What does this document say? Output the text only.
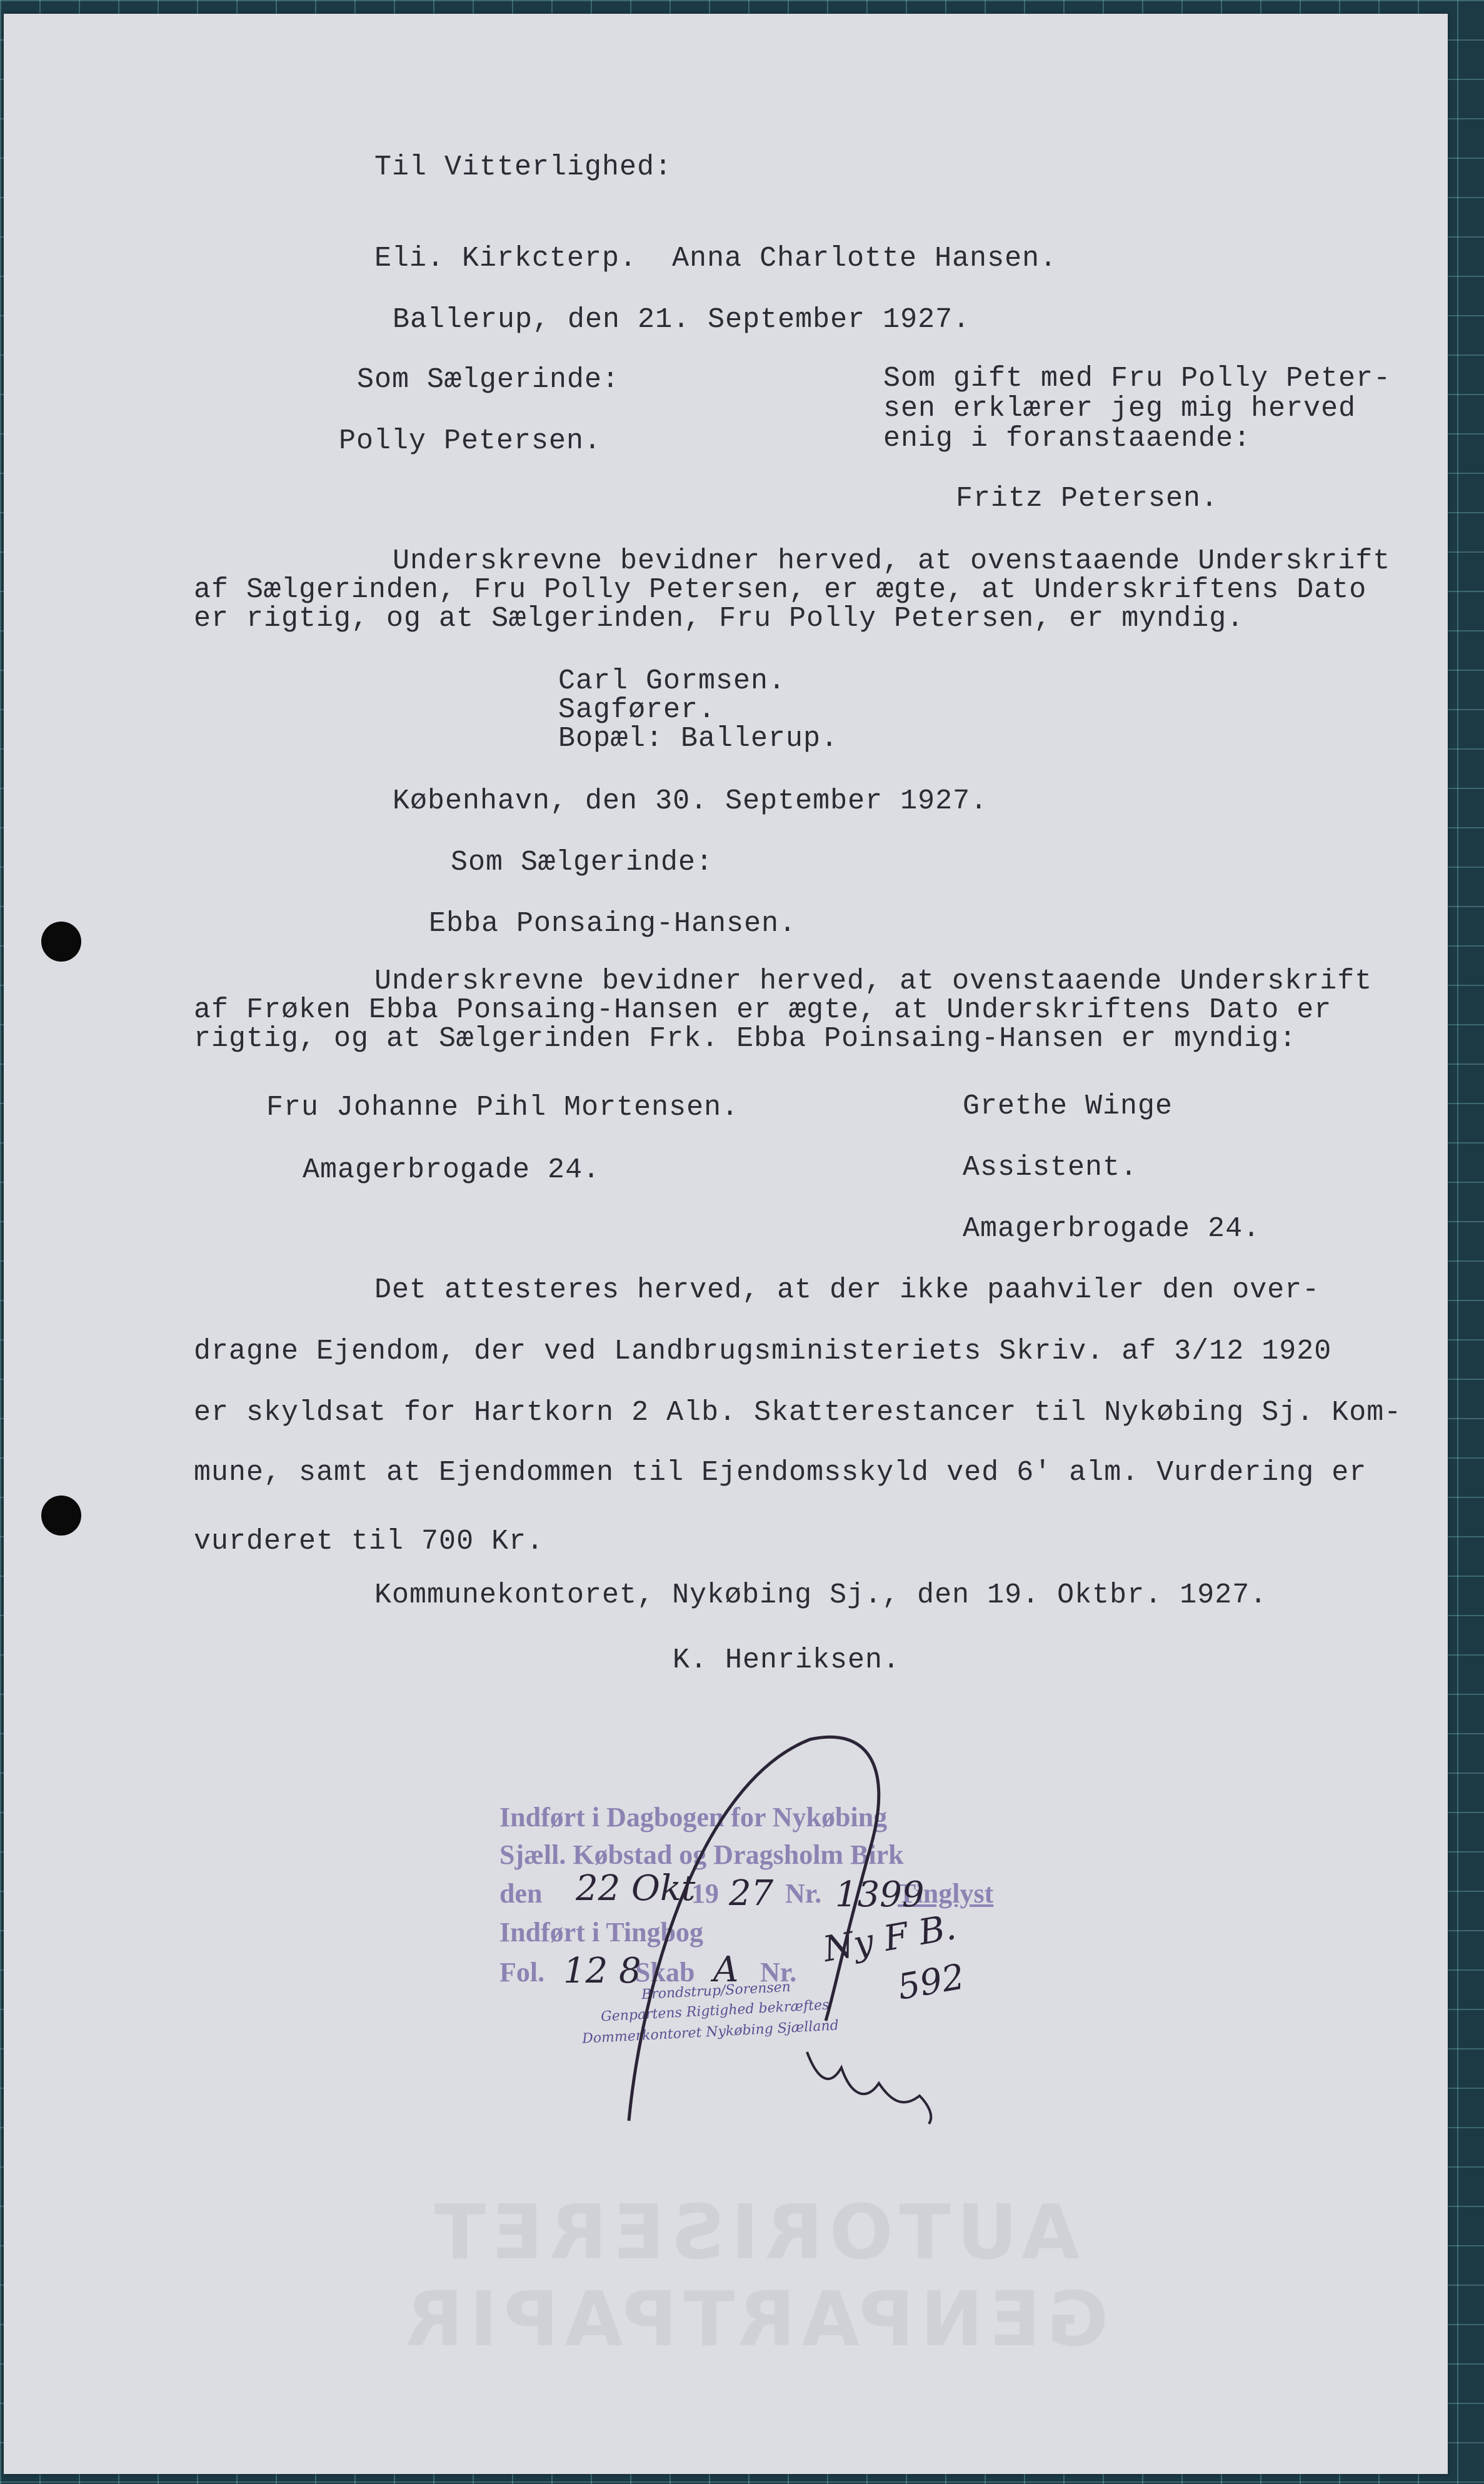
Til Vitterlighed:

Eli. Kirkcterp.  Anna Charlotte Hansen.

Ballerup, den 21. September 1927.

Som Sælgerinde:

Polly Petersen.

Som gift med Fru Polly Peter-

sen erklærer jeg mig herved

enig i foranstaaende:

Fritz Petersen.

Underskrevne bevidner herved, at ovenstaaende Underskrift

af Sælgerinden, Fru Polly Petersen, er ægte, at Underskriftens Dato

er rigtig, og at Sælgerinden, Fru Polly Petersen, er myndig.

Carl Gormsen.

Sagfører.

Bopæl: Ballerup.

København, den 30. September 1927.

Som Sælgerinde:

Ebba Ponsaing-Hansen.

Underskrevne bevidner herved, at ovenstaaende Underskrift

af Frøken Ebba Ponsaing-Hansen er ægte, at Underskriftens Dato er

rigtig, og at Sælgerinden Frk. Ebba Poinsaing-Hansen er myndig:

Fru Johanne Pihl Mortensen.

Amagerbrogade 24.

Grethe Winge

Assistent.

Amagerbrogade 24.

Det attesteres herved, at der ikke paahviler den over-

dragne Ejendom, der ved Landbrugsministeriets Skriv. af 3/12 1920

er skyldsat for Hartkorn 2 Alb. Skatterestancer til Nykøbing Sj. Kom-

mune, samt at Ejendommen til Ejendomsskyld ved 6' alm. Vurdering er

vurderet til 700 Kr.

Kommunekontoret, Nykøbing Sj., den 19. Oktbr. 1927.

K. Henriksen.

Indført i Dagbogen for Nykøbing

Sjæll. Købstad og Dragsholm Birk

den	19 Nr.	Tinglyst

Indført i Tingbog

Fol.	Skab Nr.

Brondstrup/Sorensen

Genpartens Rigtighed bekræftes

Dommerkontoret Nykøbing Sjælland

22 Okt 27 1399

12 8 A Ny F B.

592

AUTORISERET GENPARTPAPIR
